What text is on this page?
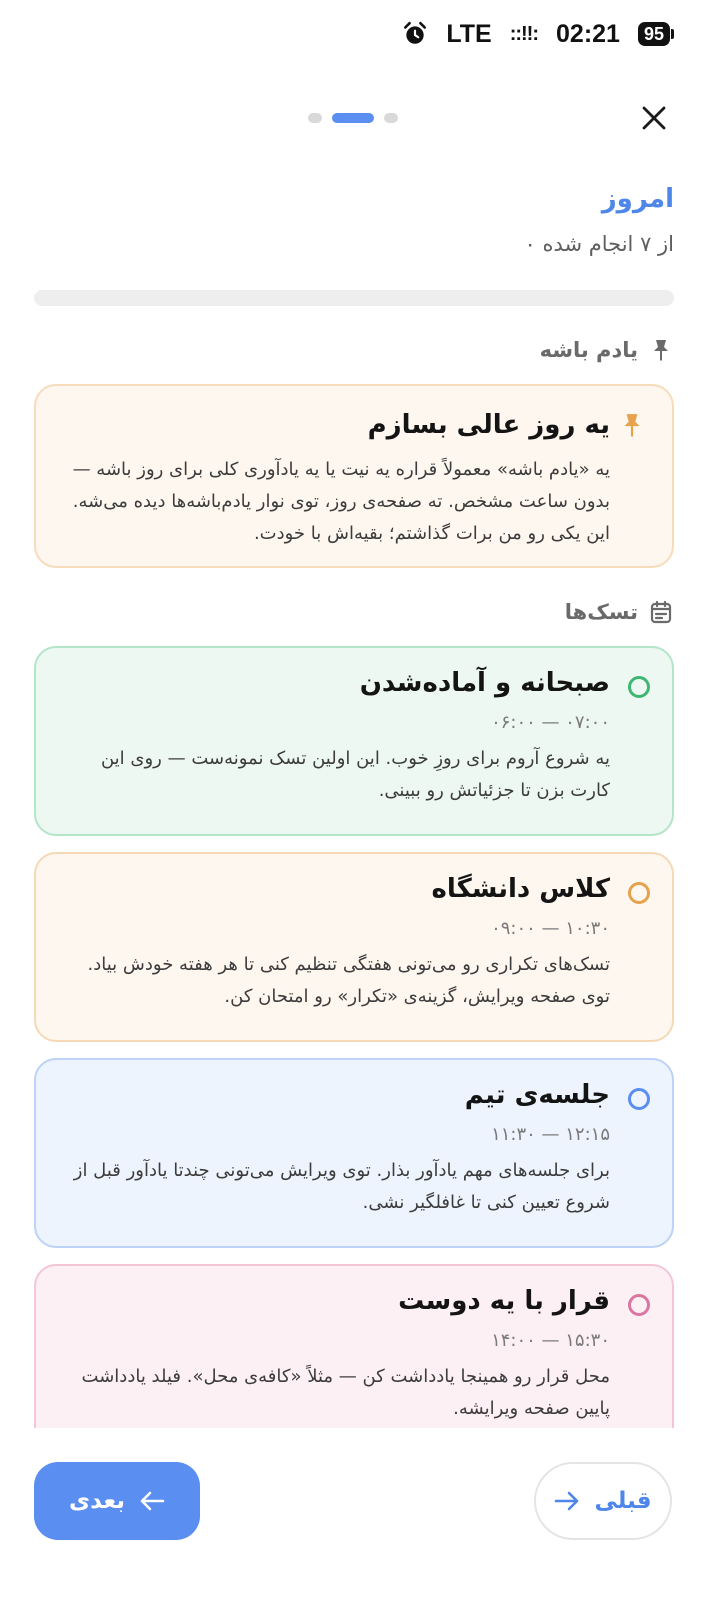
LTE ::!!: 02:21	95
امروز
۰ از ۷ انجام شده
یادم باشه
یه روز عالی بسازم
یه «یادم باشه» معمولاً قراره یه نیت یا یه یادآوری کلی برای روز باشه — بدون ساعت مشخص. ته صفحه‌ی روز، توی نوار یادم‌باشه‌ها دیده می‌شه. این یکی رو من برات گذاشتم؛ بقیه‌اش با خودت.
تسک‌ها
صبحانه و آماده‌شدن
۰۶:۰۰ — ۰۷:۰۰
یه شروع آروم برای روزِ خوب. این اولین تسک نمونه‌ست — روی این کارت بزن تا جزئیاتش رو ببینی.
کلاس دانشگاه
۰۹:۰۰ — ۱۰:۳۰
تسک‌های تکراری رو می‌تونی هفتگی تنظیم کنی تا هر هفته خودش بیاد. توی صفحه ویرایش، گزینه‌ی «تکرار» رو امتحان کن.
جلسه‌ی تیم
۱۱:۳۰ — ۱۲:۱۵
برای جلسه‌های مهم یادآور بذار. توی ویرایش می‌تونی چندتا یادآور قبل از شروع تعیین کنی تا غافلگیر نشی.
قرار با یه دوست
۱۴:۰۰ — ۱۵:۳۰
محل قرار رو همینجا یادداشت کن — مثلاً «کافه‌ی محل». فیلد یادداشت پایین صفحه ویرایشه.
بعدی	قبلی
